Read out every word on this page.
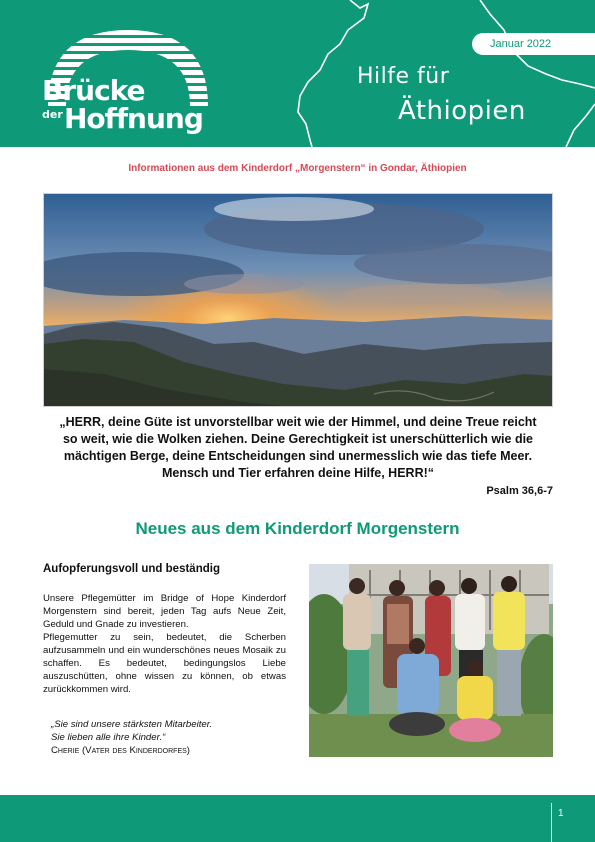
Brücke
der Hoffnung
Januar 2022
Hilfe für
Äthiopien
Informationen aus dem Kinderdorf „Morgenstern“ in Gondar, Äthiopien
„HERR, deine Güte ist unvorstellbar weit wie der Himmel, und deine Treue reicht
so weit, wie die Wolken ziehen. Deine Gerechtigkeit ist unerschütterlich wie die
mächtigen Berge, deine Entscheidungen sind unermesslich wie das tiefe Meer.
Mensch und Tier erfahren deine Hilfe, HERR!“
Psalm 36,6-7
Neues aus dem Kinderdorf Morgenstern
Aufopferungsvoll und beständig

Unsere Pflegemütter im Bridge of Hope Kinderdorf Morgenstern sind bereit, jeden Tag aufs Neue Zeit, Geduld und Gnade zu investieren.

Pflegemutter zu sein, bedeutet, die Scherben aufzusammeln und ein wunderschönes neues Mosaik zu schaffen. Es bedeutet, bedingungslos Liebe auszuschütten, ohne wissen zu können, ob etwas zurückkommen wird.

„Sie sind unsere stärksten Mitarbeiter.
Sie lieben alle ihre Kinder.“
Cherie (Vater des Kinderdorfes)
1
